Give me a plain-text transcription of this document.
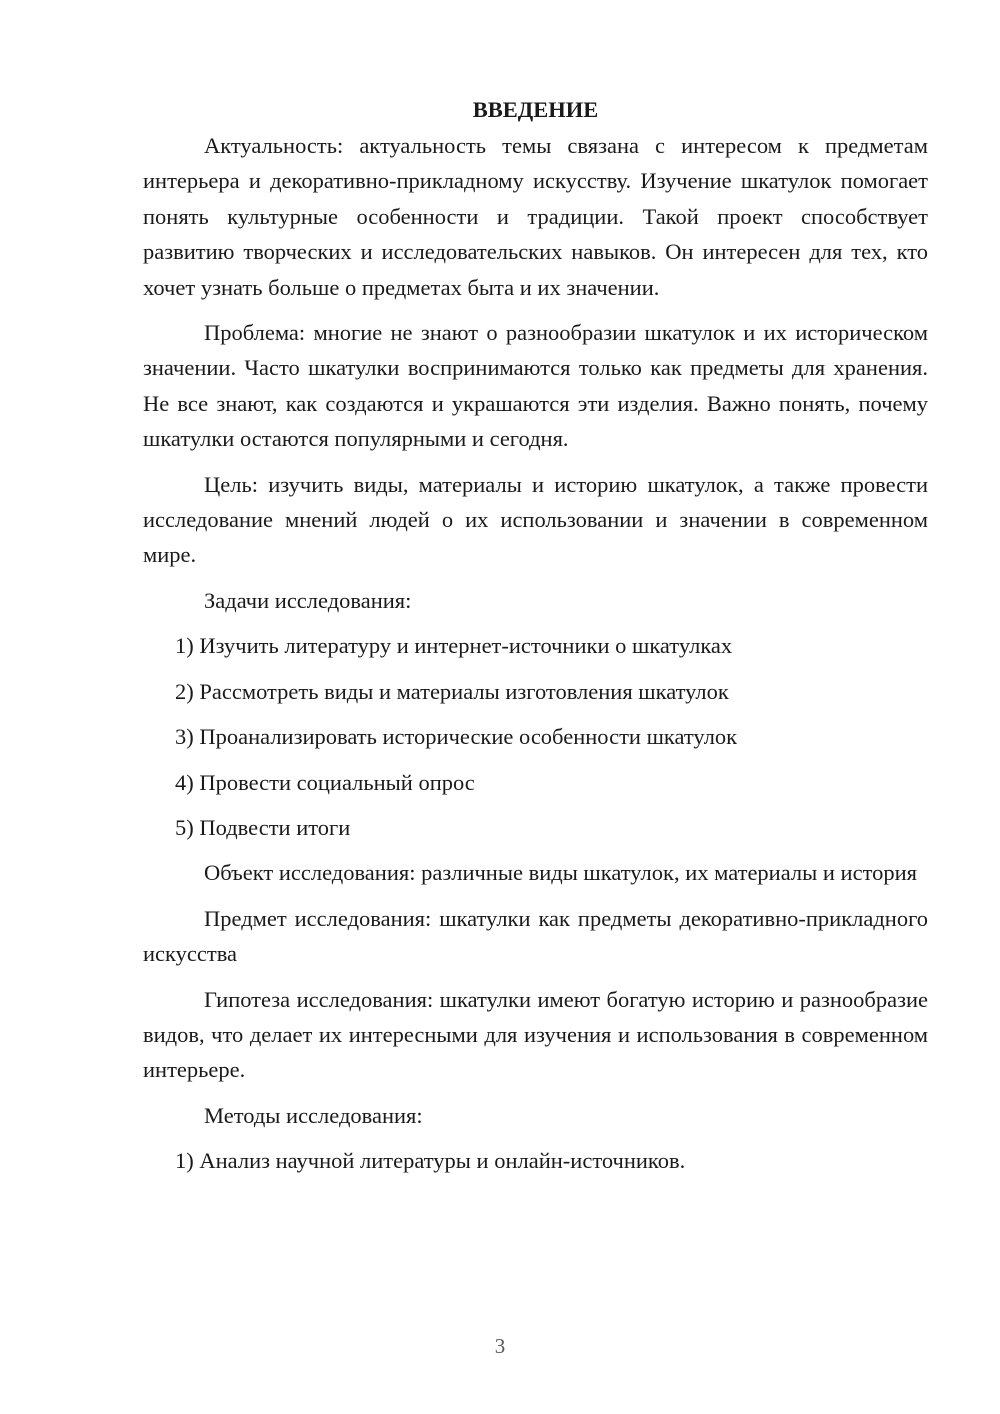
ВВЕДЕНИЕ

Актуальность: актуальность темы связана с интересом к предметам интерьера и декоративно-прикладному искусству. Изучение шкатулок помогает понять культурные особенности и традиции. Такой проект способствует развитию творческих и исследовательских навыков. Он интересен для тех, кто хочет узнать больше о предметах быта и их значении.

Проблема: многие не знают о разнообразии шкатулок и их историческом значении. Часто шкатулки воспринимаются только как предметы для хранения. Не все знают, как создаются и украшаются эти изделия. Важно понять, почему шкатулки остаются популярными и сегодня.

Цель: изучить виды, материалы и историю шкатулок, а также провести исследование мнений людей о их использовании и значении в современном мире.

Задачи исследования:

1) Изучить литературу и интернет-источники о шкатулках

2) Рассмотреть виды и материалы изготовления шкатулок

3) Проанализировать исторические особенности шкатулок

4) Провести социальный опрос

5) Подвести итоги

Объект исследования: различные виды шкатулок, их материалы и история

Предмет исследования: шкатулки как предметы декоративно-прикладного искусства

Гипотеза исследования: шкатулки имеют богатую историю и разнообразие видов, что делает их интересными для изучения и использования в современном интерьере.

Методы исследования:

1) Анализ научной литературы и онлайн-источников.

3
